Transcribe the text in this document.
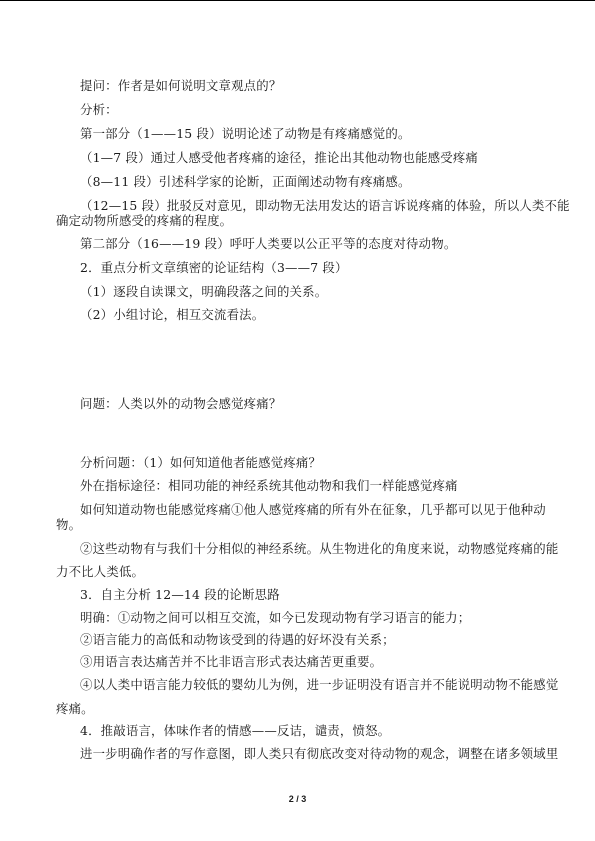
提问：作者是如何说明文章观点的？
分析：
第一部分（1——15 段）说明论述了动物是有疼痛感觉的。
（1—7 段）通过人感受他者疼痛的途径，推论出其他动物也能感受疼痛
（8—11 段）引述科学家的论断，正面阐述动物有疼痛感。
（12—15 段）批驳反对意见，即动物无法用发达的语言诉说疼痛的体验，所以人类不能
确定动物所感受的疼痛的程度。
第二部分（16——19 段）呼吁人类要以公正平等的态度对待动物。
2．重点分析文章缜密的论证结构（3——7 段）
（1）逐段自读课文，明确段落之间的关系。
（2）小组讨论，相互交流看法。
问题：人类以外的动物会感觉疼痛？
分析问题：（1）如何知道他者能感觉疼痛？
外在指标途径：相同功能的神经系统其他动物和我们一样能感觉疼痛
如何知道动物也能感觉疼痛①他人感觉疼痛的所有外在征象，几乎都可以见于他种动
物。
②这些动物有与我们十分相似的神经系统。从生物进化的角度来说，动物感觉疼痛的能
力不比人类低。
3．自主分析 12—14 段的论断思路
明确：①动物之间可以相互交流，如今已发现动物有学习语言的能力；
②语言能力的高低和动物该受到的待遇的好坏没有关系；
③用语言表达痛苦并不比非语言形式表达痛苦更重要。
④以人类中语言能力较低的婴幼儿为例，进一步证明没有语言并不能说明动物不能感觉
疼痛。
4．推敲语言，体味作者的情感——反诘，谴责，愤怒。
进一步明确作者的写作意图，即人类只有彻底改变对待动物的观念，调整在诸多领域里
2 / 3
